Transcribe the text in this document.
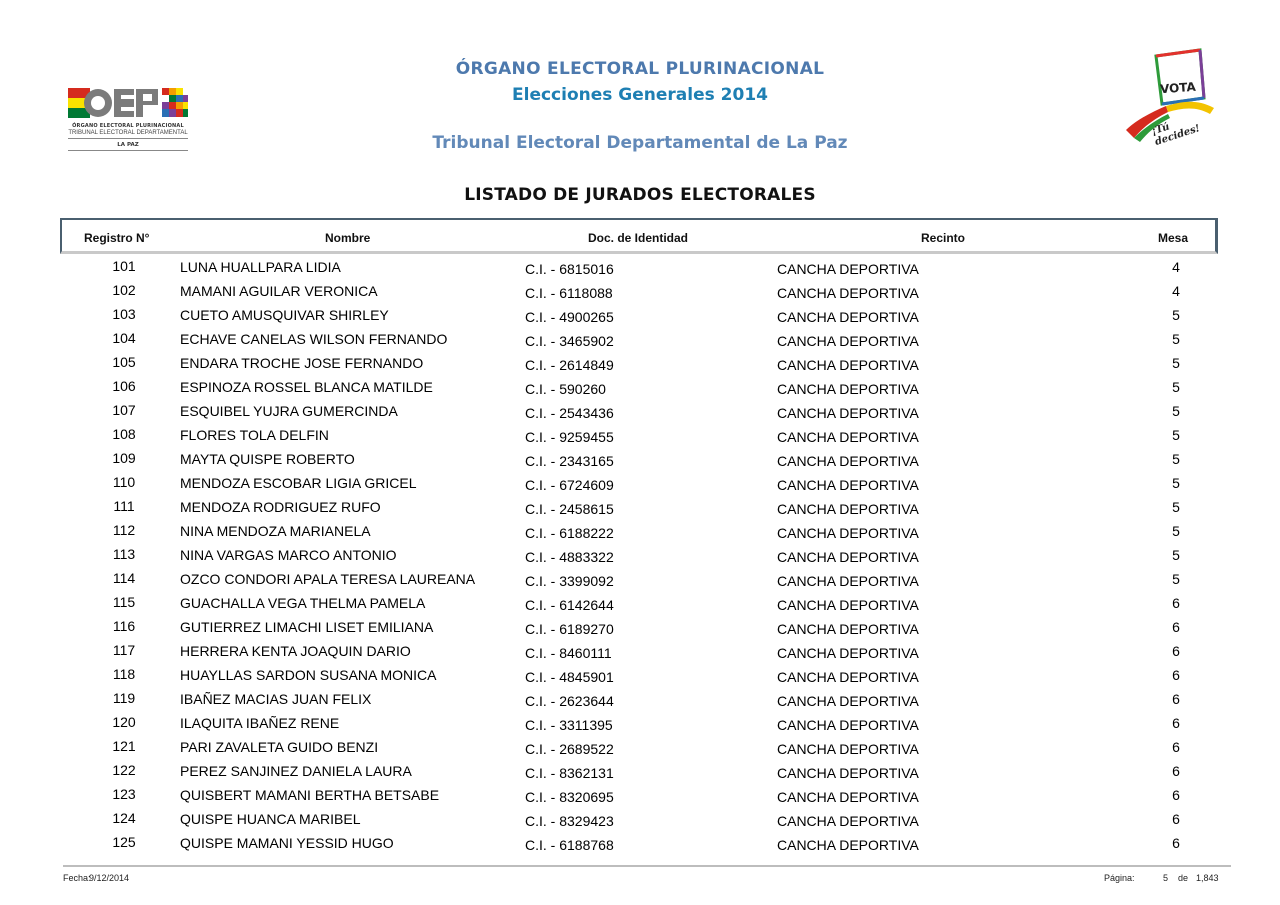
ÓRGANO ELECTORAL PLURINACIONAL
Elecciones Generales 2014
Tribunal Electoral Departamental de La Paz
LISTADO DE JURADOS ELECTORALES
ÓRGANO ELECTORAL PLURINACIONAL
TRIBUNAL ELECTORAL DEPARTAMENTAL
LA PAZ
VOTA
¡Tú decides!
Registro N°	Nombre	Doc. de Identidad	Recinto	Mesa
101	LUNA HUALLPARA LIDIA	C.I. - 6815016	CANCHA DEPORTIVA	4
102	MAMANI AGUILAR VERONICA	C.I. - 6118088	CANCHA DEPORTIVA	4
103	CUETO AMUSQUIVAR SHIRLEY	C.I. - 4900265	CANCHA DEPORTIVA	5
104	ECHAVE CANELAS WILSON FERNANDO	C.I. - 3465902	CANCHA DEPORTIVA	5
105	ENDARA TROCHE JOSE FERNANDO	C.I. - 2614849	CANCHA DEPORTIVA	5
106	ESPINOZA ROSSEL BLANCA MATILDE	C.I. - 590260	CANCHA DEPORTIVA	5
107	ESQUIBEL YUJRA GUMERCINDA	C.I. - 2543436	CANCHA DEPORTIVA	5
108	FLORES TOLA DELFIN	C.I. - 9259455	CANCHA DEPORTIVA	5
109	MAYTA QUISPE ROBERTO	C.I. - 2343165	CANCHA DEPORTIVA	5
110	MENDOZA ESCOBAR LIGIA GRICEL	C.I. - 6724609	CANCHA DEPORTIVA	5
111	MENDOZA RODRIGUEZ RUFO	C.I. - 2458615	CANCHA DEPORTIVA	5
112	NINA MENDOZA MARIANELA	C.I. - 6188222	CANCHA DEPORTIVA	5
113	NINA VARGAS MARCO ANTONIO	C.I. - 4883322	CANCHA DEPORTIVA	5
114	OZCO CONDORI APALA TERESA LAUREANA	C.I. - 3399092	CANCHA DEPORTIVA	5
115	GUACHALLA VEGA THELMA PAMELA	C.I. - 6142644	CANCHA DEPORTIVA	6
116	GUTIERREZ LIMACHI LISET EMILIANA	C.I. - 6189270	CANCHA DEPORTIVA	6
117	HERRERA KENTA JOAQUIN DARIO	C.I. - 8460111	CANCHA DEPORTIVA	6
118	HUAYLLAS SARDON SUSANA MONICA	C.I. - 4845901	CANCHA DEPORTIVA	6
119	IBAÑEZ MACIAS JUAN FELIX	C.I. - 2623644	CANCHA DEPORTIVA	6
120	ILAQUITA IBAÑEZ RENE	C.I. - 3311395	CANCHA DEPORTIVA	6
121	PARI ZAVALETA GUIDO BENZI	C.I. - 2689522	CANCHA DEPORTIVA	6
122	PEREZ SANJINEZ DANIELA LAURA	C.I. - 8362131	CANCHA DEPORTIVA	6
123	QUISBERT MAMANI BERTHA BETSABE	C.I. - 8320695	CANCHA DEPORTIVA	6
124	QUISPE HUANCA MARIBEL	C.I. - 8329423	CANCHA DEPORTIVA	6
125	QUISPE MAMANI YESSID HUGO	C.I. - 6188768	CANCHA DEPORTIVA	6
Fecha:
9/12/2014	Página:	5 de 1,843
